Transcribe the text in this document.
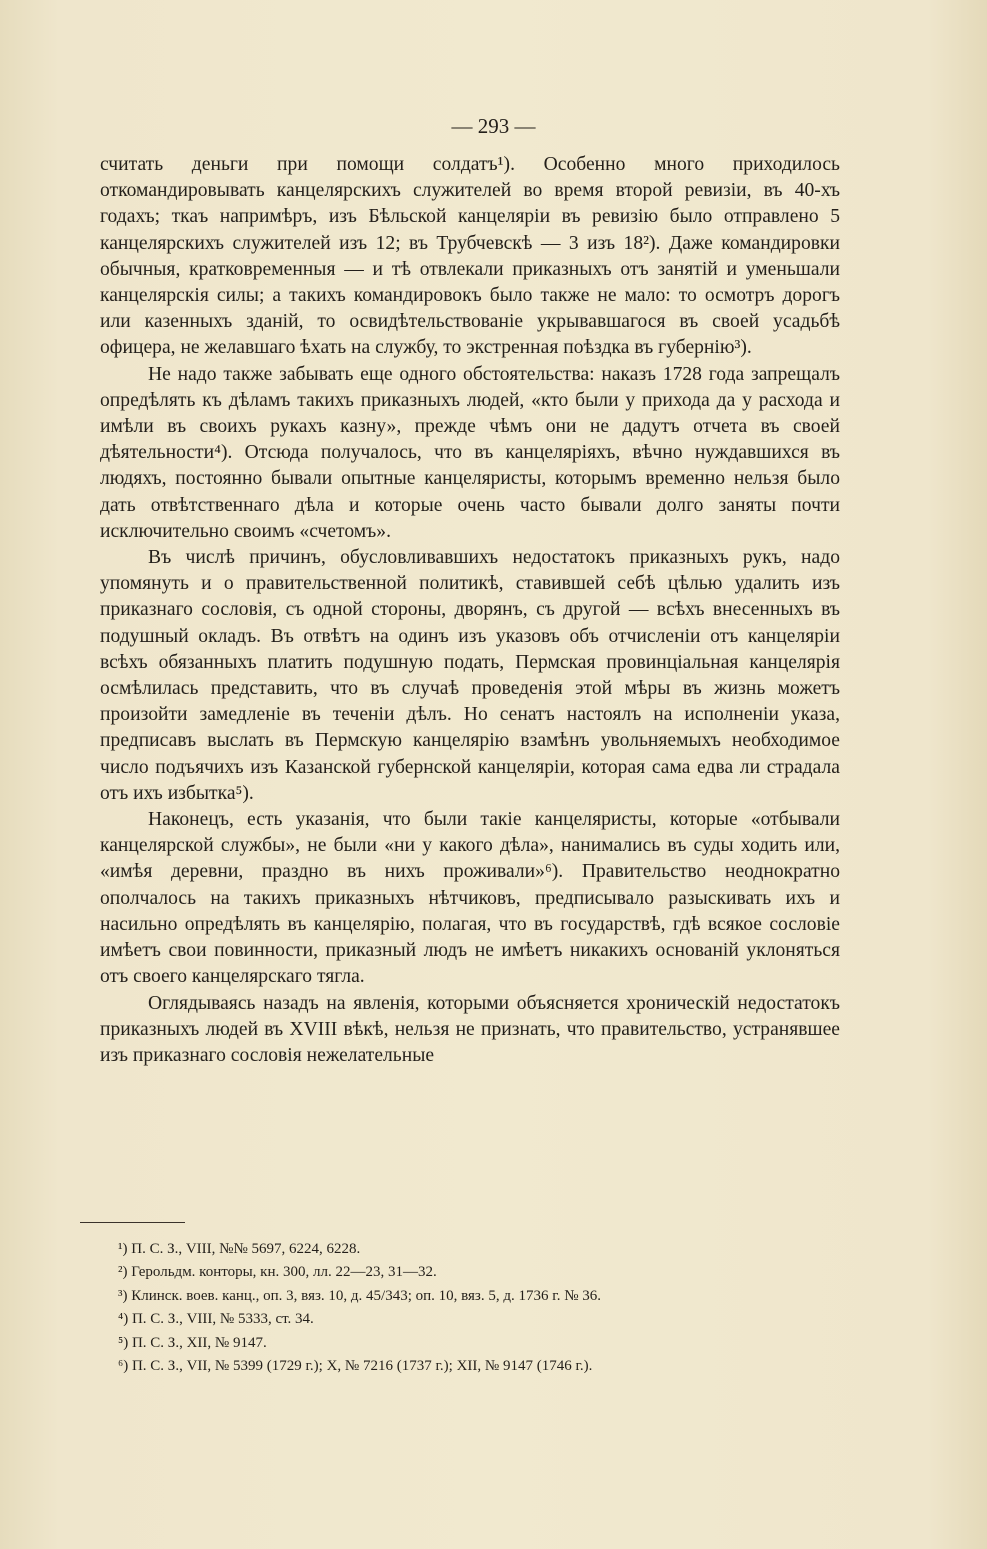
— 293 —

считать деньги при помощи солдатъ¹). Особенно много приходилось откомандировывать канцелярскихъ служителей во время второй ревизіи, въ 40-хъ годахъ; ткаъ напримѣръ, изъ Бѣльской канцеляріи въ ревизію было отправлено 5 канцелярскихъ служителей изъ 12; въ Трубчевскѣ — 3 изъ 18²). Даже командировки обычныя, кратковременныя — и тѣ отвлекали приказныхъ отъ занятій и уменьшали канцелярскія силы; а такихъ командировокъ было также не мало: то осмотръ дорогъ или казенныхъ зданій, то освидѣтельствованіе укрывавшагося въ своей усадьбѣ офицера, не желавшаго ѣхать на службу, то экстренная поѣздка въ губернію³).

Не надо также забывать еще одного обстоятельства: наказъ 1728 года запрещалъ опредѣлять къ дѣламъ такихъ приказныхъ людей, «кто были у прихода да у расхода и имѣли въ своихъ рукахъ казну», прежде чѣмъ они не дадутъ отчета въ своей дѣятельности⁴). Отсюда получалось, что въ канцеляріяхъ, вѣчно нуждавшихся въ людяхъ, постоянно бывали опытные канцеляристы, которымъ временно нельзя было дать отвѣтственнаго дѣла и которые очень часто бывали долго заняты почти исключительно своимъ «счетомъ».

Въ числѣ причинъ, обусловливавшихъ недостатокъ приказныхъ рукъ, надо упомянуть и о правительственной политикѣ, ставившей себѣ цѣлью удалить изъ приказнаго сословія, съ одной стороны, дворянъ, съ другой — всѣхъ внесенныхъ въ подушный окладъ. Въ отвѣтъ на одинъ изъ указовъ объ отчисленіи отъ канцеляріи всѣхъ обязанныхъ платить подушную подать, Пермская провинціальная канцелярія осмѣлилась представить, что въ случаѣ проведенія этой мѣры въ жизнь можетъ произойти замедленіе въ теченіи дѣлъ. Но сенатъ настоялъ на исполненіи указа, предписавъ выслать въ Пермскую канцелярію взамѣнъ увольняемыхъ необходимое число подъячихъ изъ Казанской губернской канцеляріи, которая сама едва ли страдала отъ ихъ избытка⁵).

Наконецъ, есть указанія, что были такіе канцеляристы, которые «отбывали канцелярской службы», не были «ни у какого дѣла», нанимались въ суды ходить или, «имѣя деревни, праздно въ нихъ проживали»⁶). Правительство неоднократно ополчалось на такихъ приказныхъ нѣтчиковъ, предписывало разыскивать ихъ и насильно опредѣлять въ канцелярію, полагая, что въ государствѣ, гдѣ всякое сословіе имѣетъ свои повинности, приказный людъ не имѣетъ никакихъ основаній уклоняться отъ своего канцелярскаго тягла.

Оглядываясь назадъ на явленія, которыми объясняется хроническій недостатокъ приказныхъ людей въ XVIII вѣкѣ, нельзя не признать, что правительство, устранявшее изъ приказнаго сословія нежелательные

¹) П. С. З., VIII, №№ 5697, 6224, 6228.
²) Герольдм. конторы, кн. 300, лл. 22—23, 31—32.
³) Клинск. воев. канц., оп. 3, вяз. 10, д. 45/343; оп. 10, вяз. 5, д. 1736 г. № 36.
⁴) П. С. З., VIII, № 5333, ст. 34.
⁵) П. С. З., XII, № 9147.
⁶) П. С. З., VII, № 5399 (1729 г.); X, № 7216 (1737 г.); XII, № 9147 (1746 г.).
